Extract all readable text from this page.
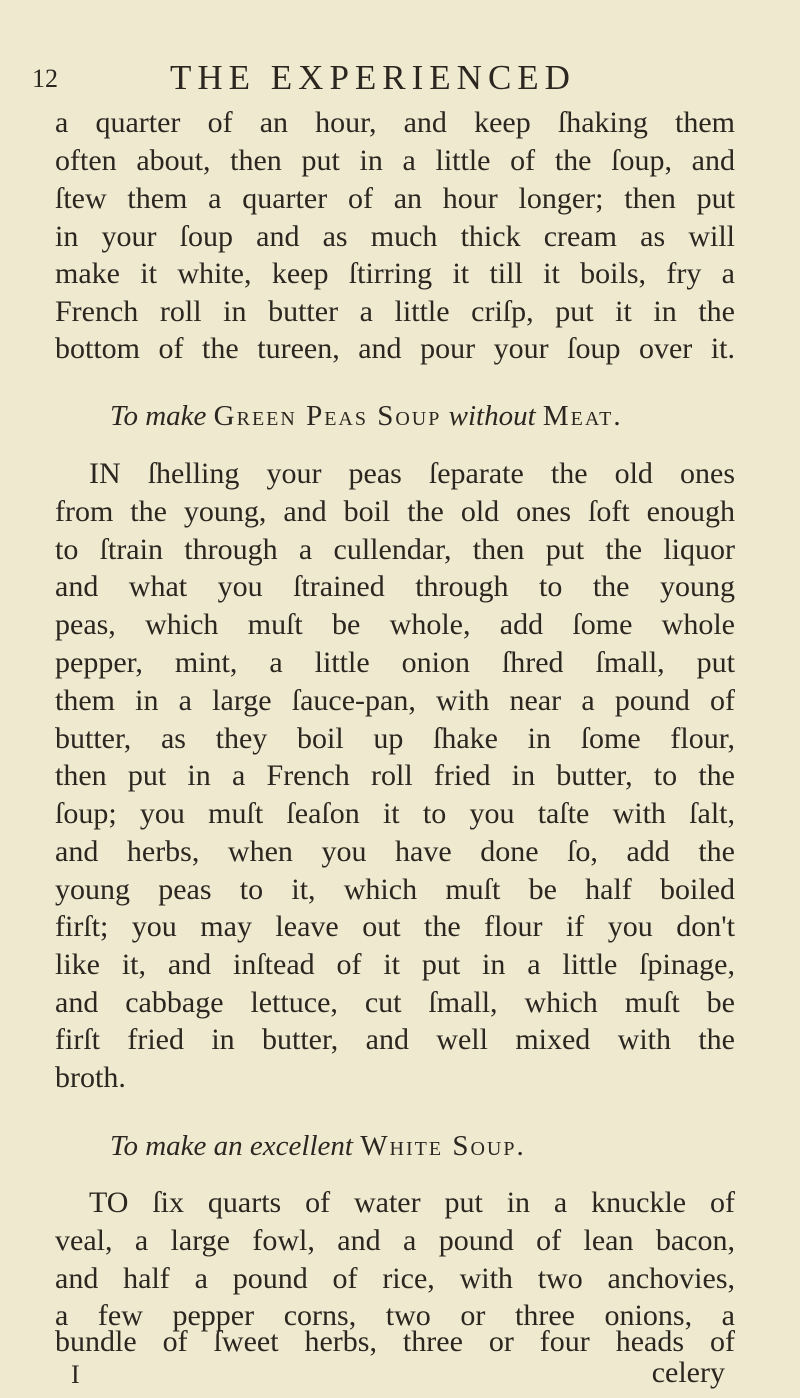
12	THE EXPERIENCED
a quarter of an hour, and keep ſhaking them
often about, then put in a little of the ſoup, and
ſtew them a quarter of an hour longer; then put
in your ſoup and as much thick cream as will
make it white, keep ſtirring it till it boils, fry a
French roll in butter a little criſp, put it in the
bottom of the tureen, and pour your ſoup over it.
To make Green Peas Soup without Meat.
IN ſhelling your peas ſeparate the old ones
from the young, and boil the old ones ſoft enough
to ſtrain through a cullendar, then put the liquor
and what you ſtrained through to the young
peas, which muſt be whole, add ſome whole
pepper, mint, a little onion ſhred ſmall, put
them in a large ſauce-pan, with near a pound of
butter, as they boil up ſhake in ſome flour,
then put in a French roll fried in butter, to the
ſoup; you muſt ſeaſon it to you taſte with ſalt,
and herbs, when you have done ſo, add the
young peas to it, which muſt be half boiled
firſt; you may leave out the flour if you don't
like it, and inſtead of it put in a little ſpinage,
and cabbage lettuce, cut ſmall, which muſt be
firſt fried in butter, and well mixed with the
broth.
To make an excellent White Soup.
TO ſix quarts of water put in a knuckle of
veal, a large fowl, and a pound of lean bacon,
and half a pound of rice, with two anchovies,
a few pepper corns, two or three onions, a
bundle of ſweet herbs, three or four heads of
I	celery
